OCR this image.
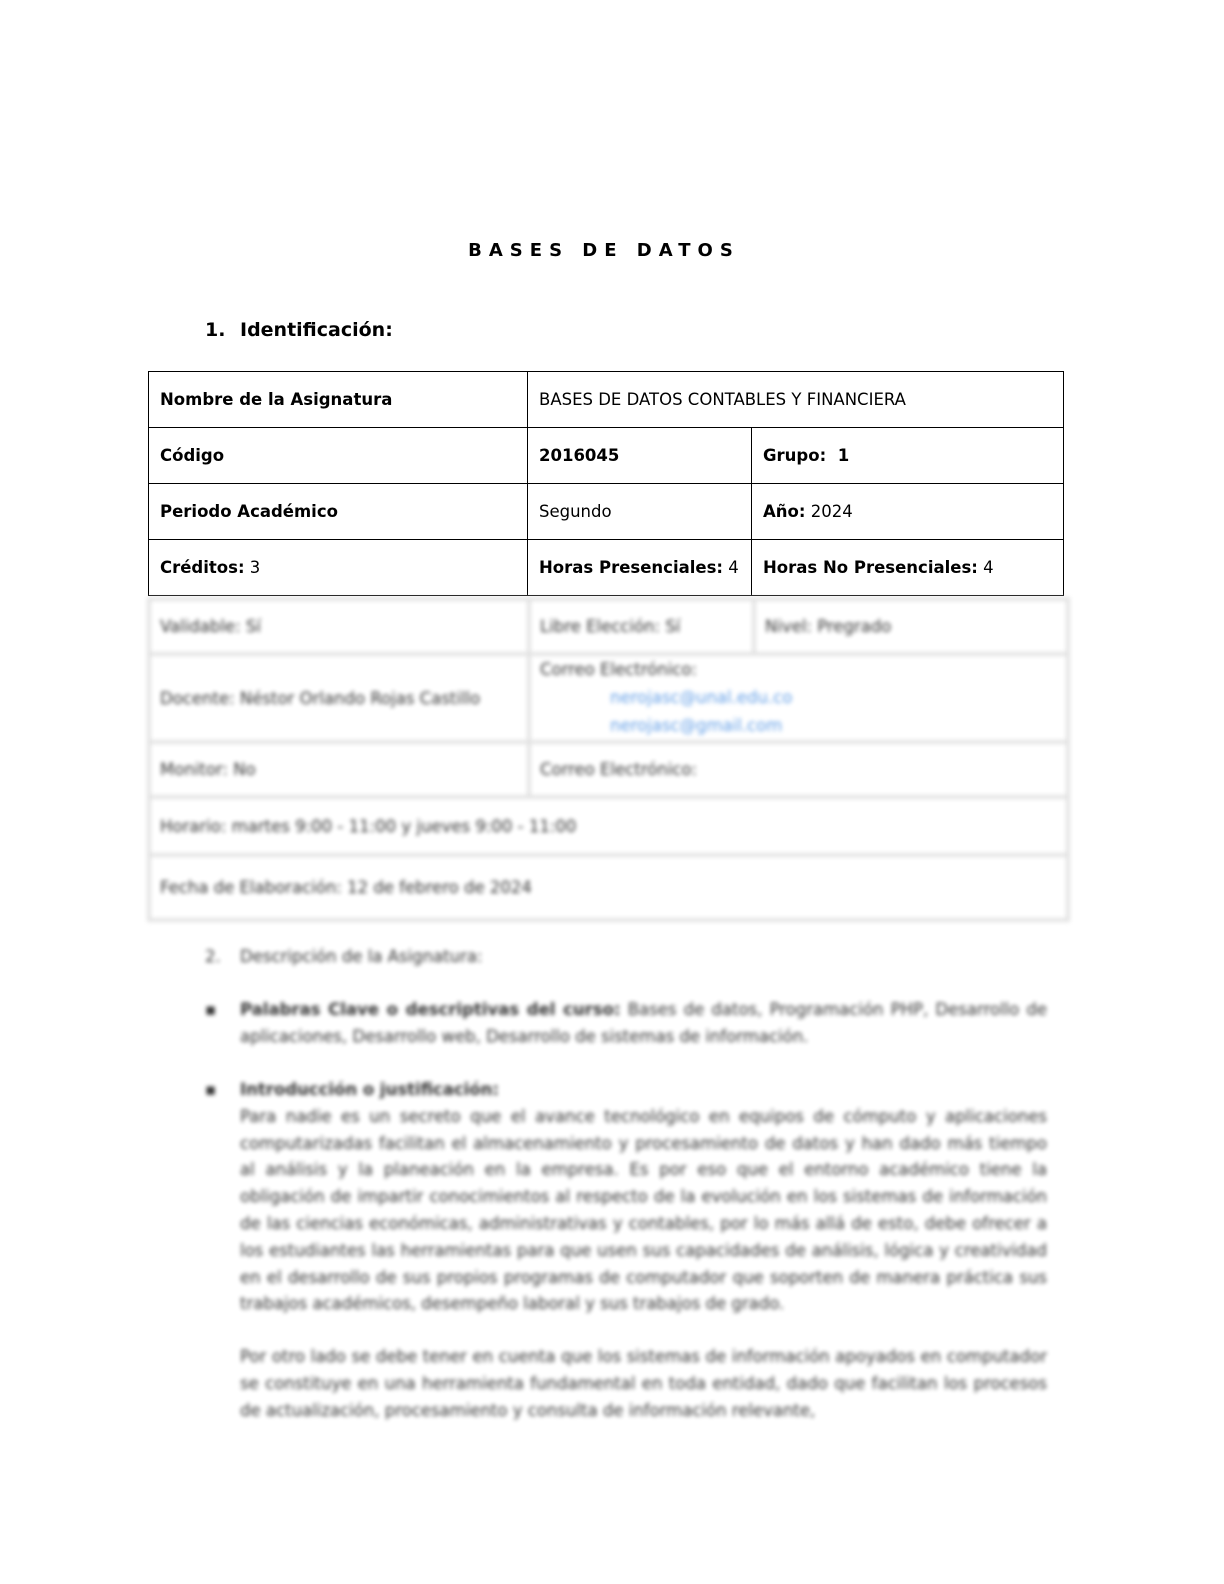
BASES DE DATOS
1. Identificación:
Nombre de la Asignatura	BASES DE DATOS CONTABLES Y FINANCIERA	
Código	2016045	Grupo: 1
Periodo Académico	Segundo	Año: 2024
Créditos: 3	Horas Presenciales: 4	Horas No Presenciales: 4
Validable: Sí	Libre Elección: Sí	Nivel: Pregrado
Docente: Néstor Orlando Rojas Castillo	Correo Electrónico:
nerojasc@unal.edu.co
nerojasc@gmail.com	

Monitor: No	Correo Electrónico:	
Horario: martes 9:00 - 11:00 y jueves 9:00 - 11:00		
Fecha de Elaboración: 12 de febrero de 2024		
2. Descripción de la Asignatura:
▪ Palabras Clave o descriptivas del curso: Bases de datos, Programación PHP, Desarrollo de aplicaciones, Desarrollo web, Desarrollo de sistemas de información.
▪ Introducción o justificación:
Para nadie es un secreto que el avance tecnológico en equipos de cómputo y aplicaciones computarizadas facilitan el almacenamiento y procesamiento de datos y han dado más tiempo al análisis y la planeación en la empresa. Es por eso que el entorno académico tiene la obligación de impartir conocimientos al respecto de la evolución en los sistemas de información de las ciencias económicas, administrativas y contables, por lo más allá de esto, debe ofrecer a los estudiantes las herramientas para que usen sus capacidades de análisis, lógica y creatividad en el desarrollo de sus propios programas de computador que soporten de manera práctica sus trabajos académicos, desempeño laboral y sus trabajos de grado.
Por otro lado se debe tener en cuenta que los sistemas de información apoyados en computador se constituye en una herramienta fundamental en toda entidad, dado que facilitan los procesos de actualización, procesamiento y consulta de información relevante,
